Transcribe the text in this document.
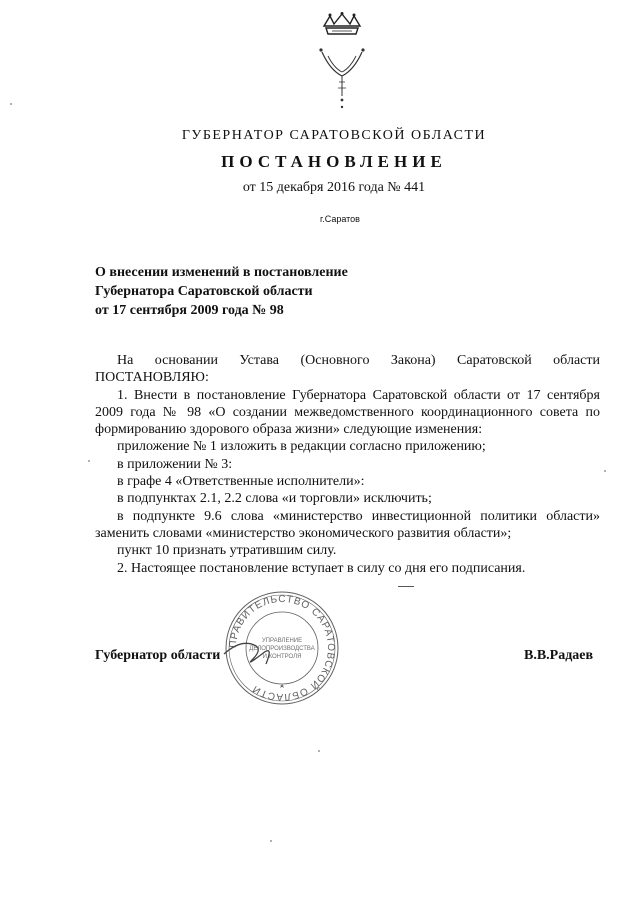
ГУБЕРНАТОР САРАТОВСКОЙ ОБЛАСТИ
ПОСТАНОВЛЕНИЕ
от 15 декабря 2016 года № 441
г.Саратов
О внесении изменений в постановление
Губернатора Саратовской области
от 17 сентября 2009 года № 98

На основании Устава (Основного Закона) Саратовской области

ПОСТАНОВЛЯЮ:

1. Внести в постановление Губернатора Саратовской области от 17 сентября 2009 года № 98 «О создании межведомственного координационного совета по формированию здорового образа жизни» следующие изменения:

приложение № 1 изложить в редакции согласно приложению;

в приложении № 3:

в графе 4 «Ответственные исполнители»:

в подпунктах 2.1, 2.2 слова «и торговли» исключить;

в подпункте 9.6 слова «министерство инвестиционной политики области» заменить словами «министерство экономического развития области»;

пункт 10 признать утратившим силу.

2. Настоящее постановление вступает в силу со дня его подписания.

ПРАВИТЕЛЬСТВО САРАТОВСКОЙ ОБЛАСТИ
УПРАВЛЕНИЕ
ДЕЛОПРОИЗВОДСТВА
И КОНТРОЛЯ
Губернатор области	В.В.Радаев
